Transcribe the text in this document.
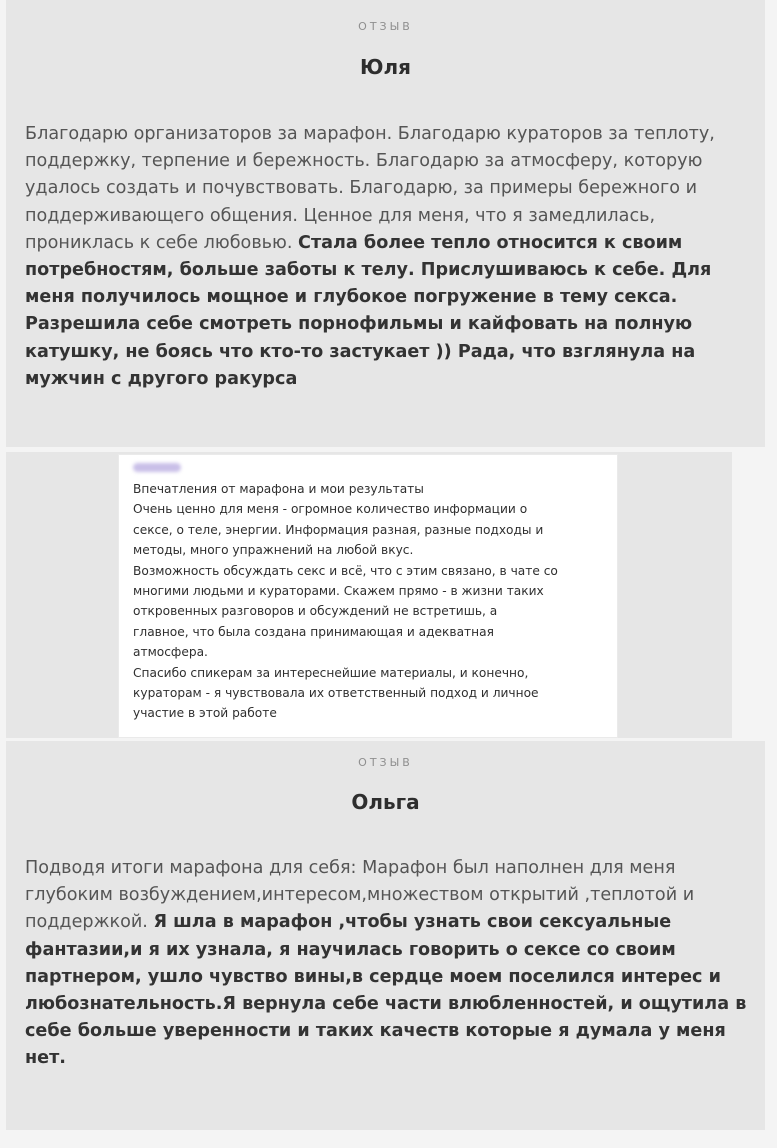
ОТЗЫВ
Юля

Благодарю организаторов за марафон. Благодарю кураторов за теплоту, поддержку, терпение и бережность. Благодарю за атмосферу, которую удалось создать и почувствовать. Благодарю, за примеры бережного и поддерживающего общения. Ценное для меня, что я замедлилась, прониклась к себе любовью. Стала более тепло относится к своим потребностям, больше заботы к телу. Прислушиваюсь к себе. Для меня получилось мощное и глубокое погружение в тему секса. Разрешила себе смотреть порнофильмы и кайфовать на полную катушку, не боясь что кто-то застукает )) Рада, что взглянула на мужчин с другого ракурса

Впечатления от марафона и мои результаты
Очень ценно для меня - огромное количество информации о
сексе, о теле, энергии. Информация разная, разные подходы и
методы, много упражнений на любой вкус.
Возможность обсуждать секс и всё, что с этим связано, в чате со
многими людьми и кураторами. Скажем прямо - в жизни таких
откровенных разговоров и обсуждений не встретишь, а
главное, что была создана принимающая и адекватная
атмосфера.
Спасибо спикерам за интереснейшие материалы, и конечно,
кураторам - я чувствовала их ответственный подход и личное
участие в этой работе
ОТЗЫВ
Ольга

Подводя итоги марафона для себя: Марафон был наполнен для меня глубоким возбуждением,интересом,множеством открытий ,теплотой и поддержкой. Я шла в марафон ,чтобы узнать свои сексуальные фантазии,и я их узнала, я научилась говорить о сексе со своим партнером, ушло чувство вины,в сердце моем поселился интерес и любознательность.Я вернула себе части влюбленностей, и ощутила в себе больше уверенности и таких качеств которые я думала у меня нет.
